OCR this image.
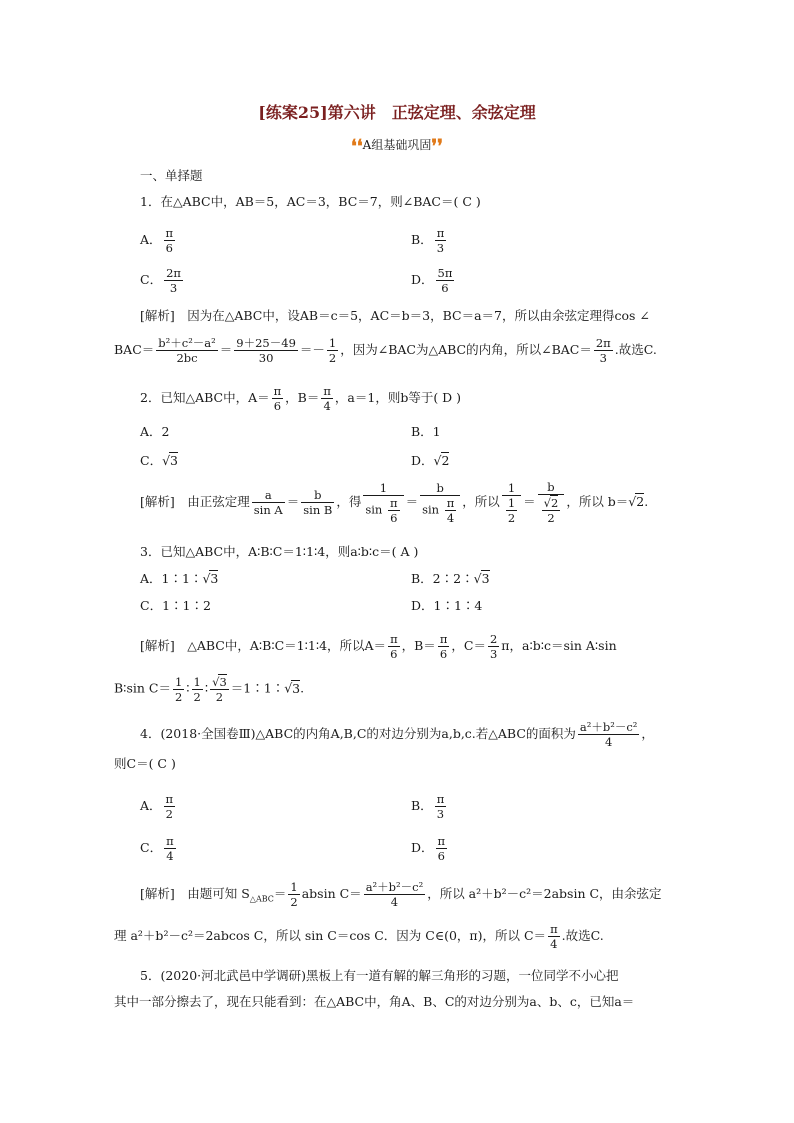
[练案25]第六讲　 正弦定理、余弦定理
❛❛A组基础巩固❜❜
一、单择题
1．在△ABC中，AB＝5，AC＝3，BC＝7，则∠BAC＝( C )
A． $\frac{\pi}{6}$	B． $\frac{\pi}{3}$
C． $\frac{2\pi}{3}$	D． $\frac{5\pi}{6}$
[解析]　因为在△ABC中，设AB＝c＝5，AC＝b＝3，BC＝a＝7，所以由余弦定理得cos ∠
$BAC= \frac{\text{b²＋c²－a²}}{2bc} = \frac{9+25-49}{30} =- \frac{1}{2}$ ，因为∠BAC为△ABC的内角，所以∠BAC＝ $\frac{2\pi}{3}$ .故选C.
2．已知△ABC中，$A= \frac{\pi}{6}$ ，$B= \frac{\pi}{4}$ ，a＝1，则b等于( D )
A．2	B．1
C．√3	D．√2
[解析]　由正弦定理 $\frac{a}{\text{sin A}} = \frac{b}{\text{sin B}}$ ，得 $\frac{1}{\sin \frac{\pi}{6}} = \frac{b}{\sin \frac{\pi}{4}}$ ，所以 $\frac{1}{\frac{1}{2}} = \frac{b}{\frac{√2}{2}}$ ，所以 b＝√2.
3．已知△ABC中，A∶B∶C＝1∶1∶4，则a∶b∶c＝( A )
A．1∶1∶√3	B．2∶2∶√3
C．1∶1∶2	D．1∶1∶4
[解析]　△ABC中，A∶B∶C＝1∶1∶4，所以$A= \frac{\pi}{6}$ ，$B= \frac{\pi}{6}$ ，$C= \frac{2}{3}$ π，a∶b∶c＝sin A∶sin
B∶sin $C= \frac{1}{2}$ ∶ $\frac{1}{2}$ ∶ $\frac{√3}{2}$ ＝1∶1∶√3.
4．(2018·全国卷Ⅲ)△ABC的内角A,B,C的对边分别为a,b,c.若△ABC的面积为 $\frac{\text{a²＋b²－c²}}{4}$ ，
则C＝( C )
A． $\frac{\pi}{2}$	B． $\frac{\pi}{3}$
C． $\frac{\pi}{4}$	D． $\frac{\pi}{6}$
[解析]　由题可知 $S_{\triangle ABC}= \frac{1}{2}$ absin $C= \frac{\text{a²＋b²－c²}}{4}$ ，所以 a²＋b²－c²＝2absin C，由余弦定
理 a²＋b²－c²＝2abcos C，所以 sin C＝cos C．因为 C∈(0，π)，所以 $C= \frac{\pi}{4}$ .故选C.
5．(2020·河北武邑中学调研)黑板上有一道有解的解三角形的习题，一位同学不小心把
其中一部分擦去了，现在只能看到：在△ABC中，角A、B、C的对边分别为a、b、c，已知a＝
